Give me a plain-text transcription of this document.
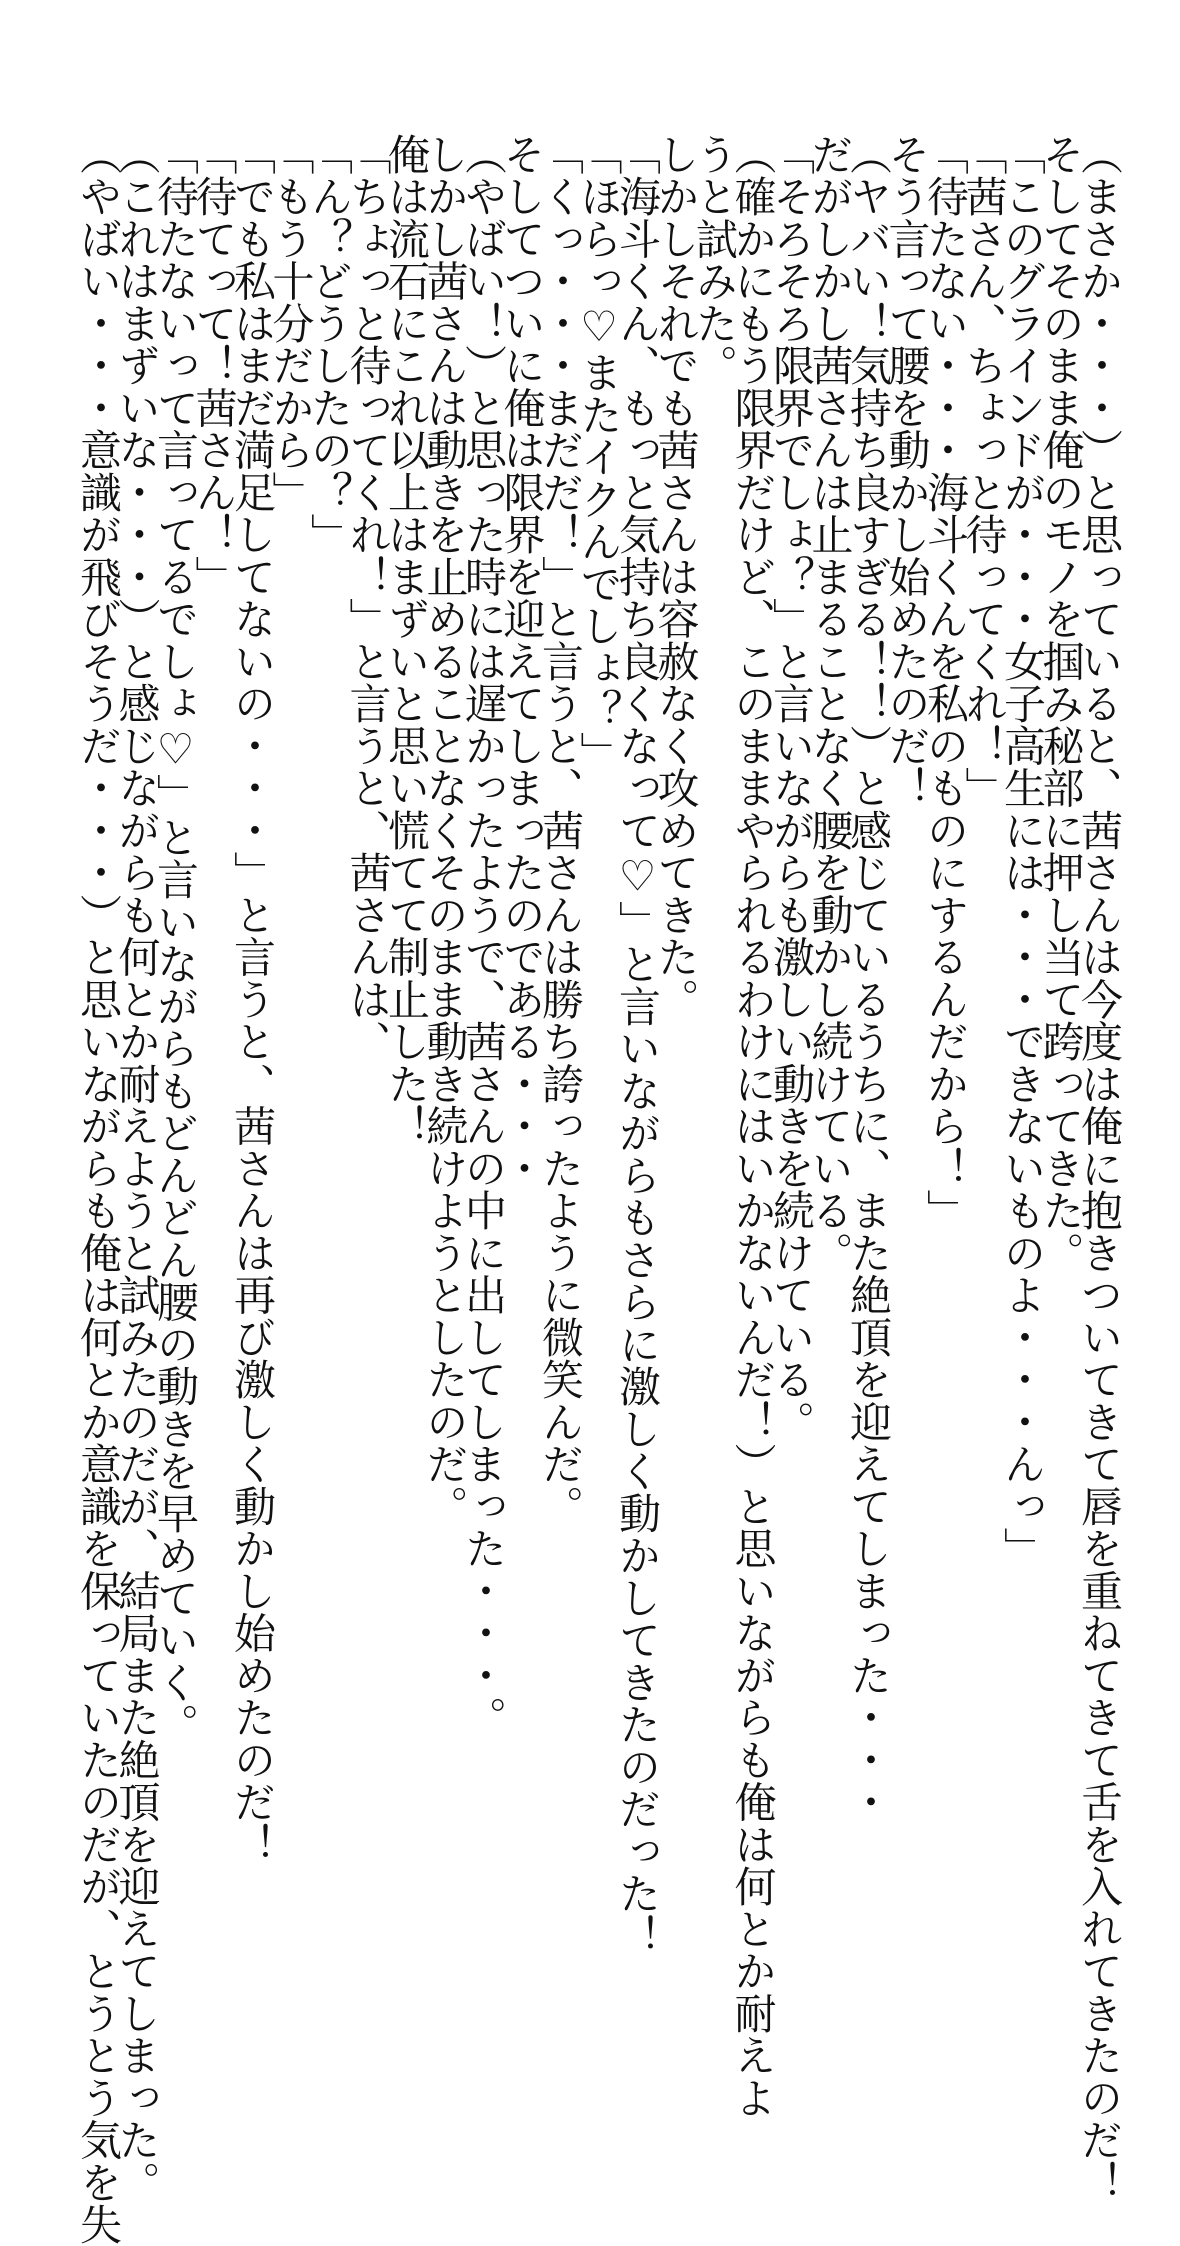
（まさか・・・）と思っていると、茜さんは今度は俺に抱きついてきて唇を重ねてきて舌を入れてきたのだ！
そしてそのまま俺のモノを掴み秘部に押し当て跨ってきた。
「このグラインドが・・・女子高生には・・・できないものよ・・・んっ」
「茜さん、ちょっと待ってくれ！」
「待たない・・・海斗くんを私のものにするんだから！」
そう言って腰を動かし始めたのだ！
（ヤバい！気持ち良すぎる！！）と感じているうちに、また絶頂を迎えてしまった・・・
だがしかし茜さんは止まることなく腰を動かし続けている。
「そろそろ限界でしょ？」と言いながらも激しい動きを続けている。
（確かにもう限界だけど、このままやられるわけにはいかないんだ！）と思いながらも俺は何とか耐えよ
うと試みた。
しかしそれでも茜さんは容赦なく攻めてきた。
「海斗くん、もっと気持ち良くなって♡」と言いながらもさらに激しく動かしてきたのだった！
「ほらっ♡またイクんでしょ？」
「くっ・・・まだだ！」と言うと、茜さんは勝ち誇ったように微笑んだ。
そしてついに俺は限界を迎えてしまったのである・・・
（やばい！）と思った時には遅かったようで、茜さんの中に出してしまった・・・。
しかし茜さんは動きを止めることなくそのまま動き続けようとしたのだ。
俺は流石にこれ以上はまずいと思い慌てて制止した！
「ちょっと待ってくれ！」と言うと、茜さんは、
「ん？どうしたの？」
「もう十分だから」
「でも私はまだ満足してないの・・・」と言うと、茜さんは再び激しく動かし始めたのだ！
「待てって！茜さん！」
「待たないって言ってるでしょ♡」と言いながらもどんどん腰の動きを早めていく。
（これはまずいな・・・）と感じながらも何とか耐えようと試みたのだが、結局また絶頂を迎えてしまった。
（やばい・・・意識が飛びそうだ・・・）と思いながらも俺は何とか意識を保っていたのだが、とうとう気を失
